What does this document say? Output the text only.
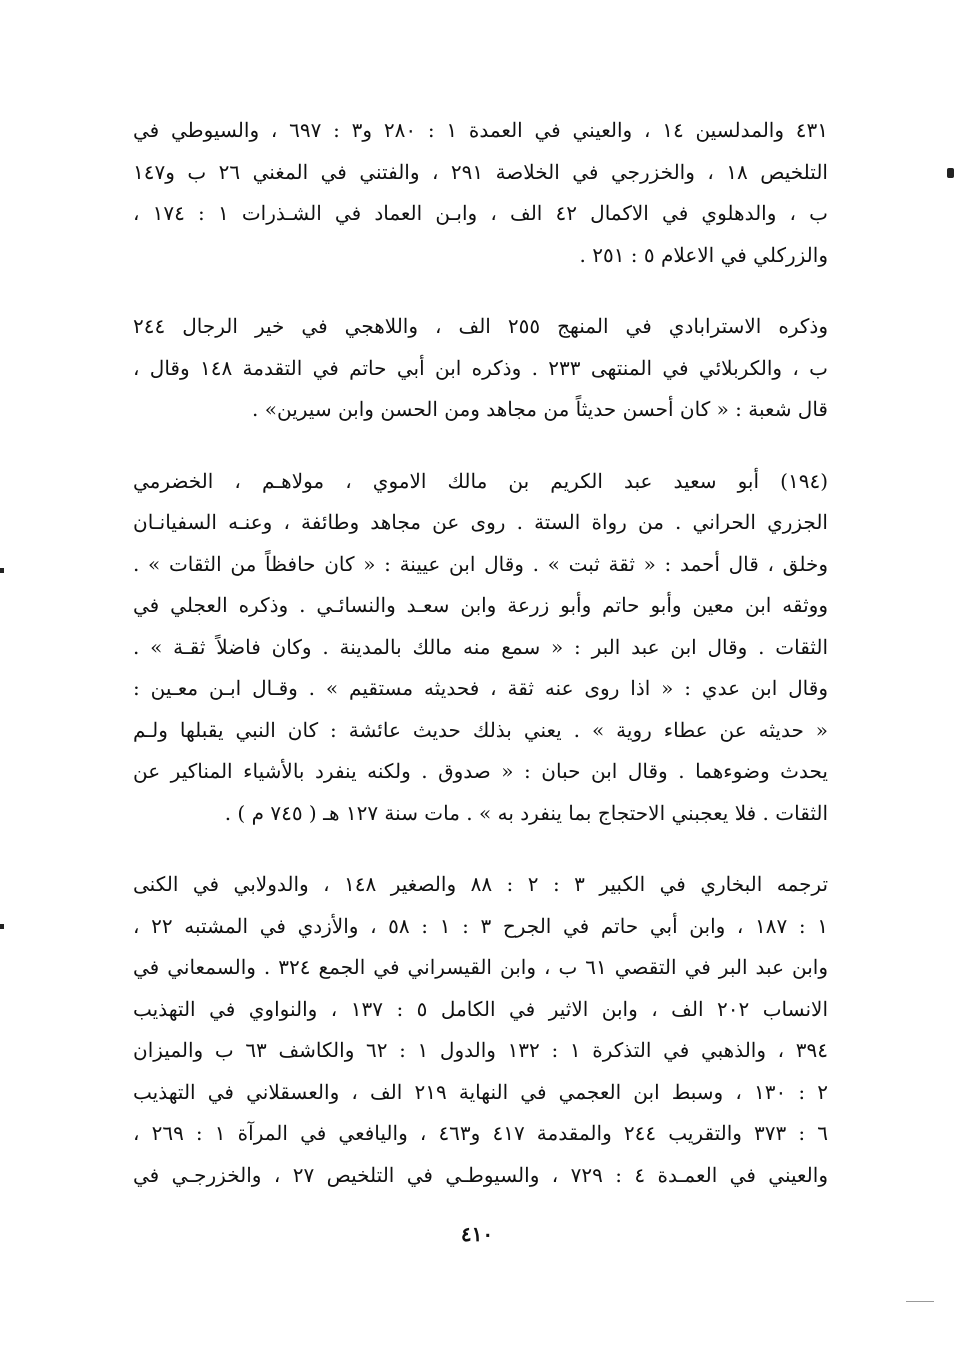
٤٣١ والمدلسين ١٤ ، والعيني في العمدة ١ : ٢٨٠ و٣ : ٦٩٧ ، والسيوطي في
التلخيص ١٨ ، والخزرجي في الخلاصة ٢٩١ ، والفتني في المغني ٢٦ ب و١٤٧
ب ، والدهلوي في الاكمال ٤٢ الف ، وابـن العماد في الشـذرات ١ : ١٧٤ ،
والزركلي في الاعلام ٥ : ٢٥١ .
وذكره الاسترابادي في المنهج ٢٥٥ الف ، واللاهجي في خير الرجال ٢٤٤
ب ، والكربلائي في المنتهى ٢٣٣ . وذكره ابن أبي حاتم في التقدمة ١٤٨ وقال ،
قال شعبة : « كان أحسن حديثاً من مجاهد ومن الحسن وابن سيرين» .
(١٩٤) أبو سعيد عبد الكريم بن مالك الاموي ، مولاهـم ، الخضرمي
الجزري الحراني . من رواة الستة . روى عن مجاهد وطائفة ، وعنـه السفيانـان
وخلق ، قال أحمد : « ثقة ثبت » . وقال ابن عيينة : « كان حافظاً من الثقات » .
ووثقه ابن معين وأبو حاتم وأبو زرعة وابن سعـد والنسائـي . وذكره العجلي في
الثقات . وقال ابن عبد البر : « سمع منه مالك بالمدينة . وكان فاضلاً ثقـة » .
وقال ابن عدي : « اذا روى عنه ثقة ، فحديثه مستقيم » . وقـال ابـن معـين :
« حديثه عن عطاء روية » . يعني بذلك حديث عائشة : كان النبي يقبلها ولـم
يحدث وضوءهما . وقال ابن حبان : « صدوق . ولكنه ينفرد بالأشياء المناكير عن
الثقات . فلا يعجبني الاحتجاج بما ينفرد به » . مات سنة ١٢٧ هـ ( ٧٤٥ م ) .
ترجمه البخاري في الكبير ٣ : ٢ : ٨٨ والصغير ١٤٨ ، والدولابي في الكنى
١ : ١٨٧ ، وابن أبي حاتم في الجرح ٣ : ١ : ٥٨ ، والأزدي في المشتبه ٢٢ ،
وابن عبد البر في التقصي ٦١ ب ، وابن القيسراني في الجمع ٣٢٤ . والسمعاني في
الانساب ٢٠٢ الف ، وابن الاثير في الكامل ٥ : ١٣٧ ، والنواوي في التهذيب
٣٩٤ ، والذهبي في التذكرة ١ : ١٣٢ والدول ١ : ٦٢ والكاشف ٦٣ ب والميزان
٢ : ١٣٠ ، وسبط ابن العجمي في النهاية ٢١٩ الف ، والعسقلاني في التهذيب
٦ : ٣٧٣ والتقريب ٢٤٤ والمقدمة ٤١٧ و٤٦٣ ، واليافعي في المرآة ١ : ٢٦٩ ،
والعيني في العمـدة ٤ : ٧٢٩ ، والسيوطـي في التلخيص ٢٧ ، والخزرجـي في
٤١٠
